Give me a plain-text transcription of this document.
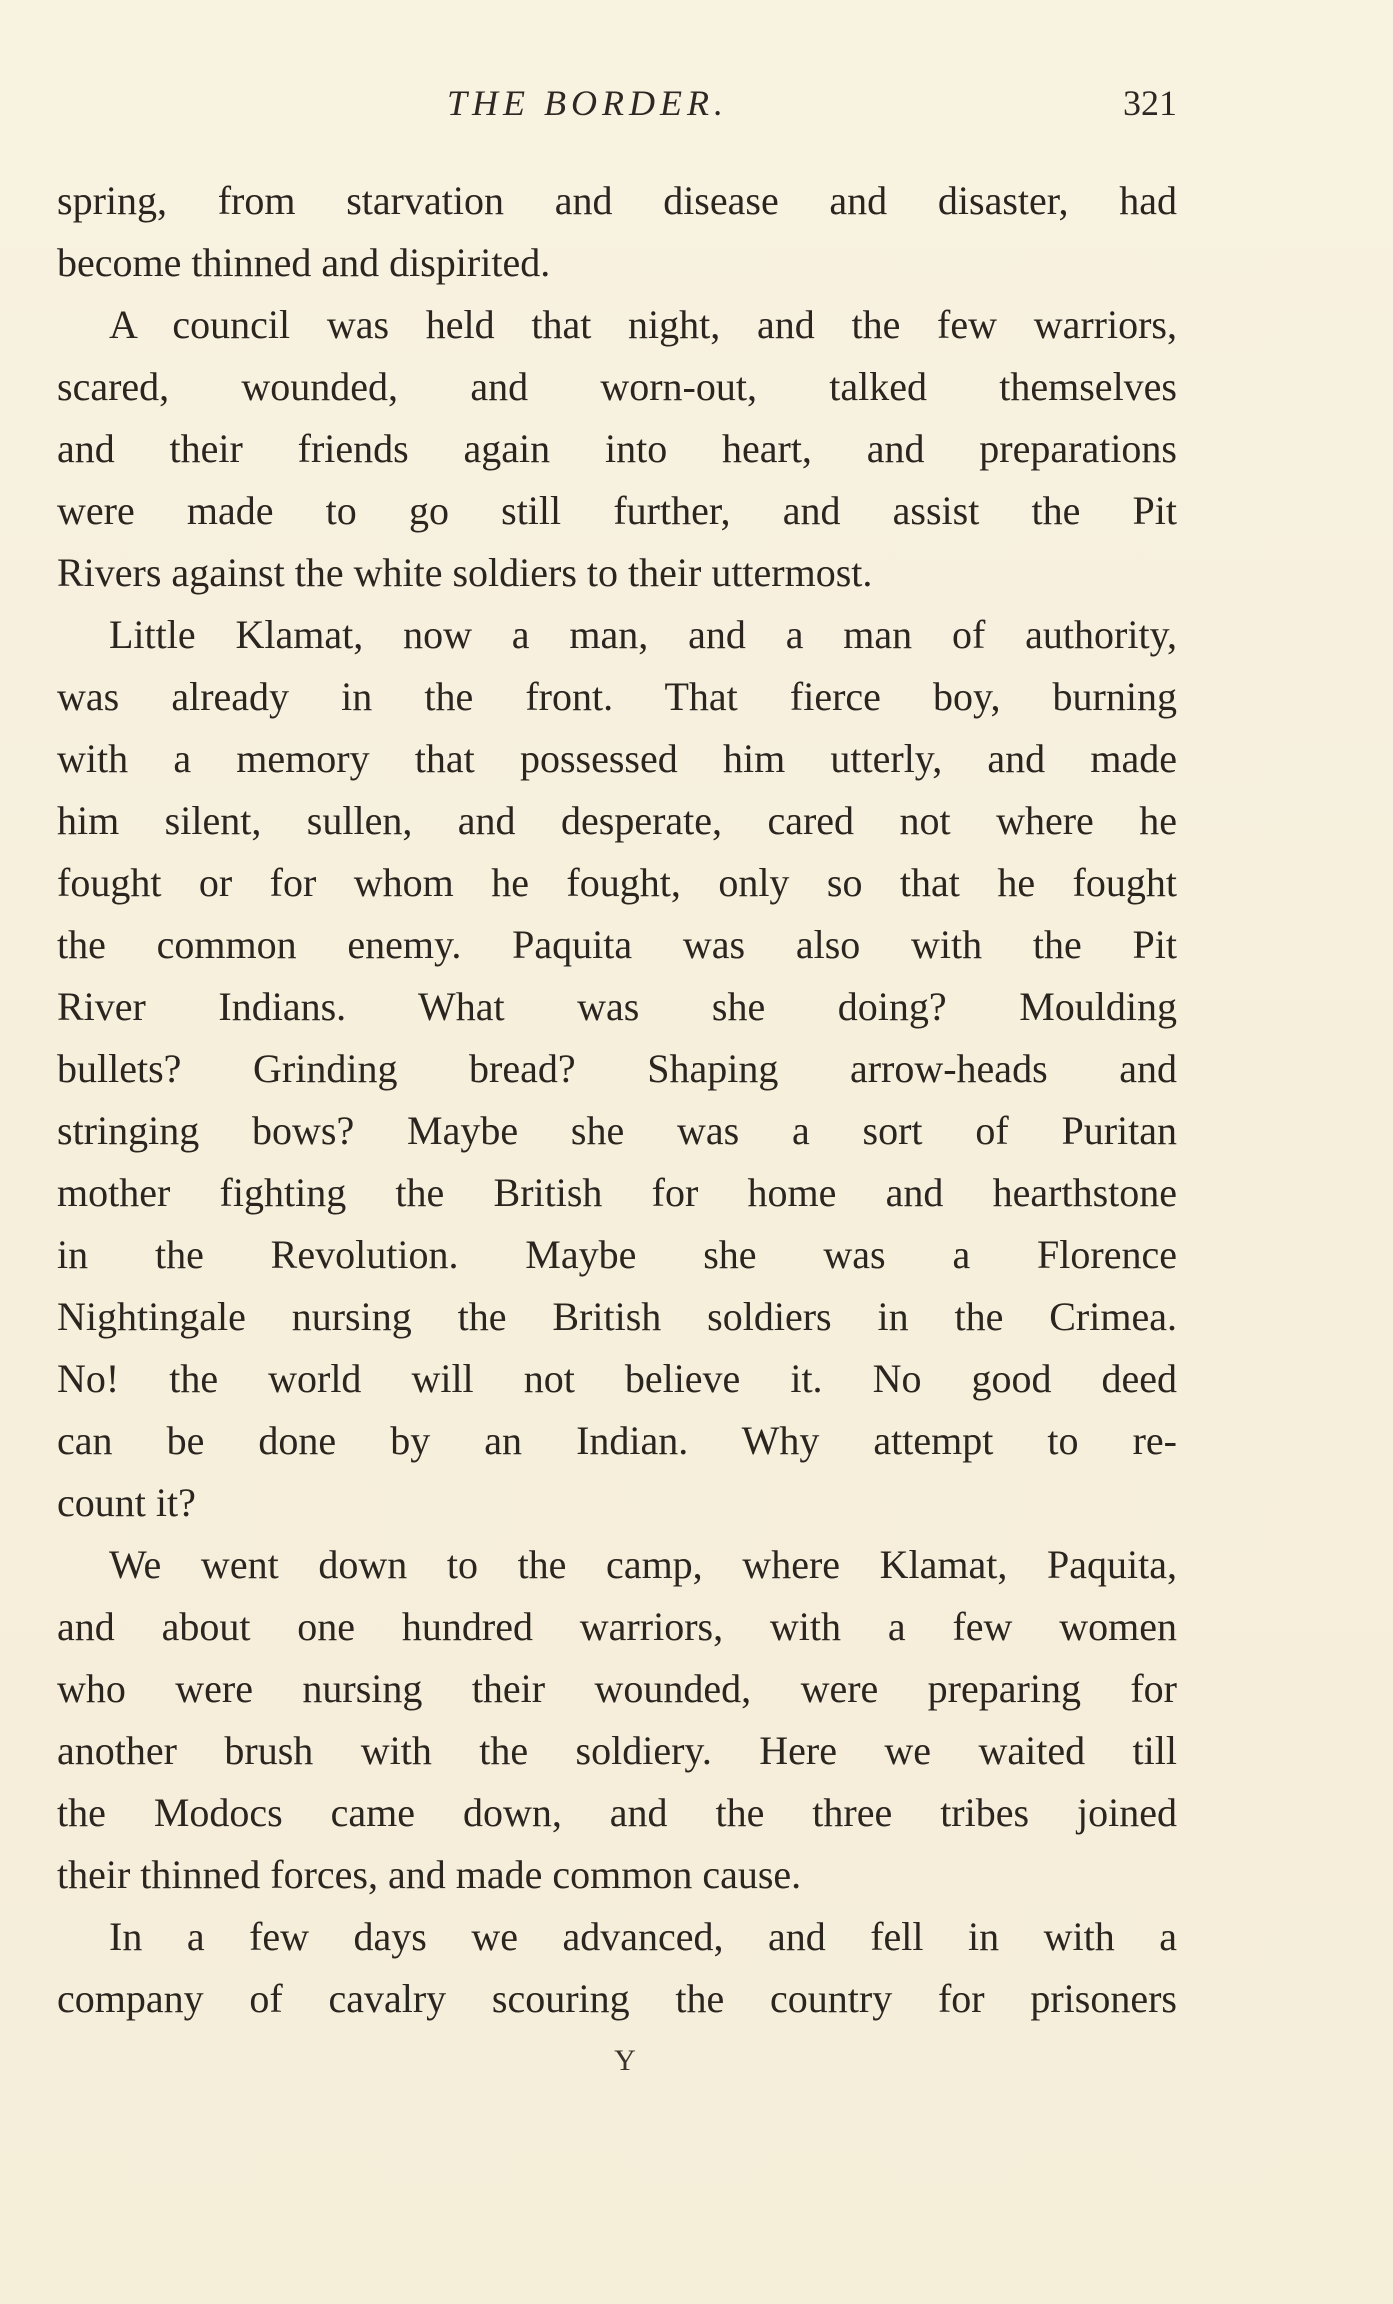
THE BORDER.	321
spring, from starvation and disease and disaster, had
become thinned and dispirited.
A council was held that night, and the few warriors,
scared, wounded, and worn-out, talked themselves
and their friends again into heart, and preparations
were made to go still further, and assist the Pit
Rivers against the white soldiers to their uttermost.
Little Klamat, now a man, and a man of authority,
was already in the front. That fierce boy, burning
with a memory that possessed him utterly, and made
him silent, sullen, and desperate, cared not where he
fought or for whom he fought, only so that he fought
the common enemy. Paquita was also with the Pit
River Indians. What was she doing? Moulding
bullets? Grinding bread? Shaping arrow-heads and
stringing bows? Maybe she was a sort of Puritan
mother fighting the British for home and hearthstone
in the Revolution. Maybe she was a Florence
Nightingale nursing the British soldiers in the Crimea.
No! the world will not believe it. No good deed
can be done by an Indian. Why attempt to re-
count it?
We went down to the camp, where Klamat, Paquita,
and about one hundred warriors, with a few women
who were nursing their wounded, were preparing for
another brush with the soldiery. Here we waited till
the Modocs came down, and the three tribes joined
their thinned forces, and made common cause.
In a few days we advanced, and fell in with a
company of cavalry scouring the country for prisoners
Y
